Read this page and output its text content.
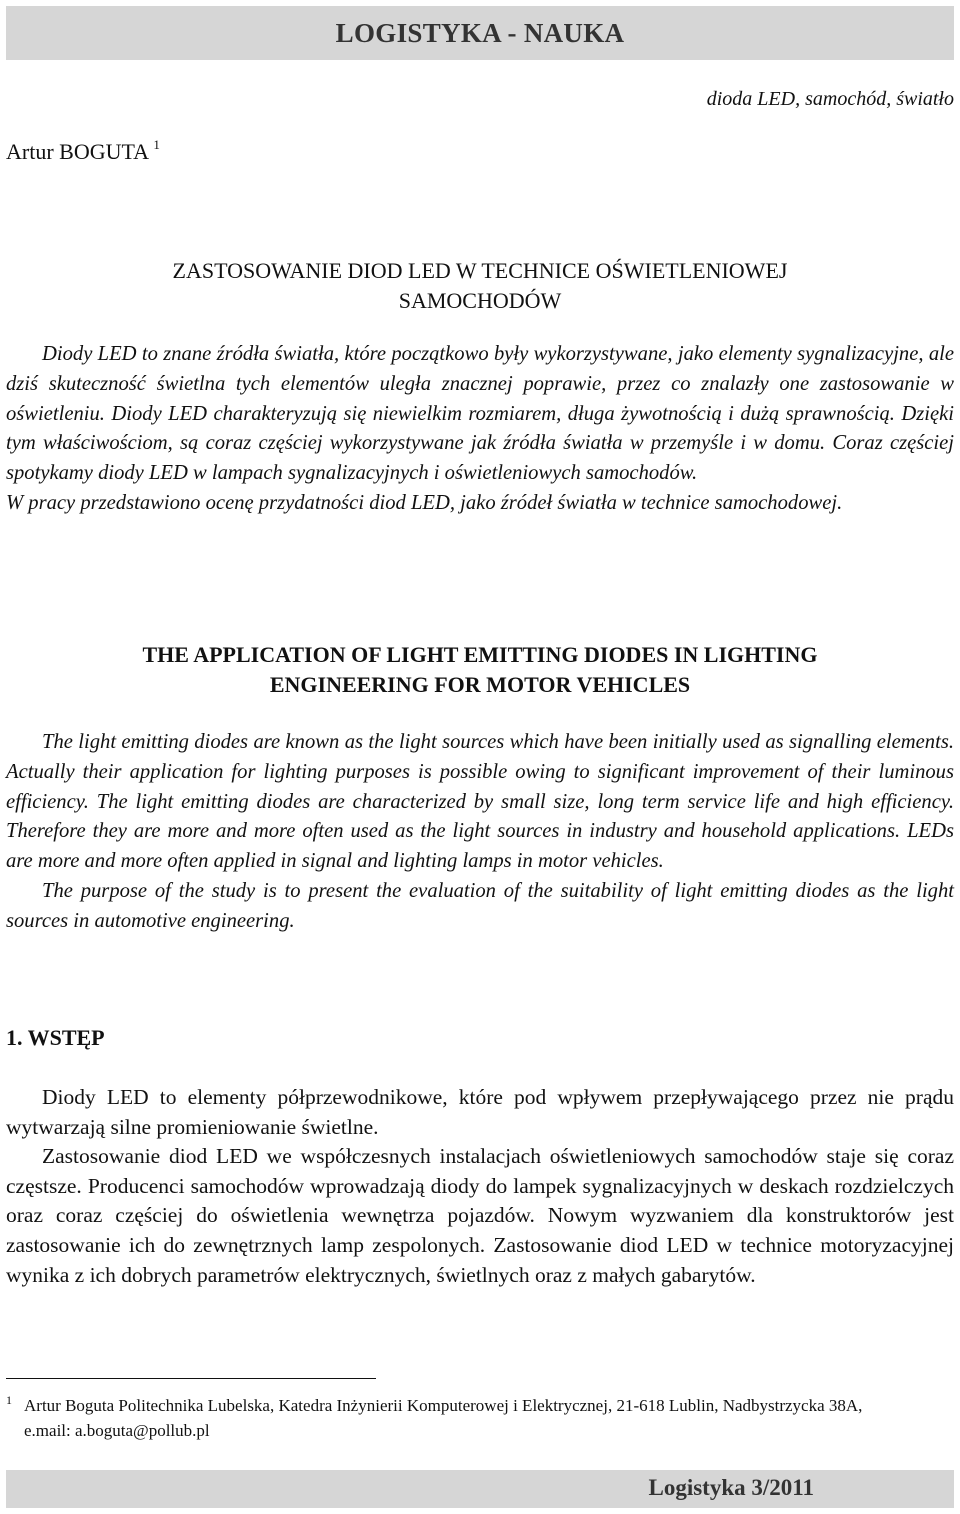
LOGISTYKA - NAUKA
dioda LED, samochód, światło
Artur BOGUTA $^1$
ZASTOSOWANIE DIOD LED W TECHNICE OŚWIETLENIOWEJ
SAMOCHODÓW

Diody LED to znane źródła światła, które początkowo były wykorzystywane, jako elementy sygnalizacyjne, ale dziś skuteczność świetlna tych elementów uległa znacznej poprawie, przez co znalazły one zastosowanie w oświetleniu. Diody LED charakteryzują się niewielkim rozmiarem, długa żywotnością i dużą sprawnością. Dzięki tym właściwościom, są coraz częściej wykorzystywane jak źródła światła w przemyśle i w domu. Coraz częściej spotykamy diody LED w lampach sygnalizacyjnych i oświetleniowych samochodów.

W pracy przedstawiono ocenę przydatności diod LED, jako źródeł światła w technice samochodowej.

THE APPLICATION OF LIGHT EMITTING DIODES IN LIGHTING
ENGINEERING FOR MOTOR VEHICLES

The light emitting diodes are known as the light sources which have been initially used as signalling elements. Actually their application for lighting purposes is possible owing to significant improvement of their luminous efficiency. The light emitting diodes are characterized by small size, long term service life and high efficiency. Therefore they are more and more often used as the light sources in industry and household applications. LEDs are more and more often applied in signal and lighting lamps in motor vehicles.

The purpose of the study is to present the evaluation of the suitability of light emitting diodes as the light sources in automotive engineering.

1. WSTĘP

Diody LED to elementy półprzewodnikowe, które pod wpływem przepływającego przez nie prądu wytwarzają silne promieniowanie świetlne.

Zastosowanie diod LED we współczesnych instalacjach oświetleniowych samochodów staje się coraz częstsze. Producenci samochodów wprowadzają diody do lampek sygnalizacyjnych w deskach rozdzielczych oraz coraz częściej do oświetlenia wewnętrza pojazdów. Nowym wyzwaniem dla konstruktorów jest zastosowanie ich do zewnętrznych lamp zespolonych. Zastosowanie diod LED w technice motoryzacyjnej wynika z ich dobrych parametrów elektrycznych, świetlnych oraz z małych gabarytów.

1 Artur Boguta Politechnika Lubelska, Katedra Inżynierii Komputerowej i Elektrycznej, 21-618 Lublin, Nadbystrzycka 38A, e.mail: a.boguta@pollub.pl
Logistyka 3/2011
